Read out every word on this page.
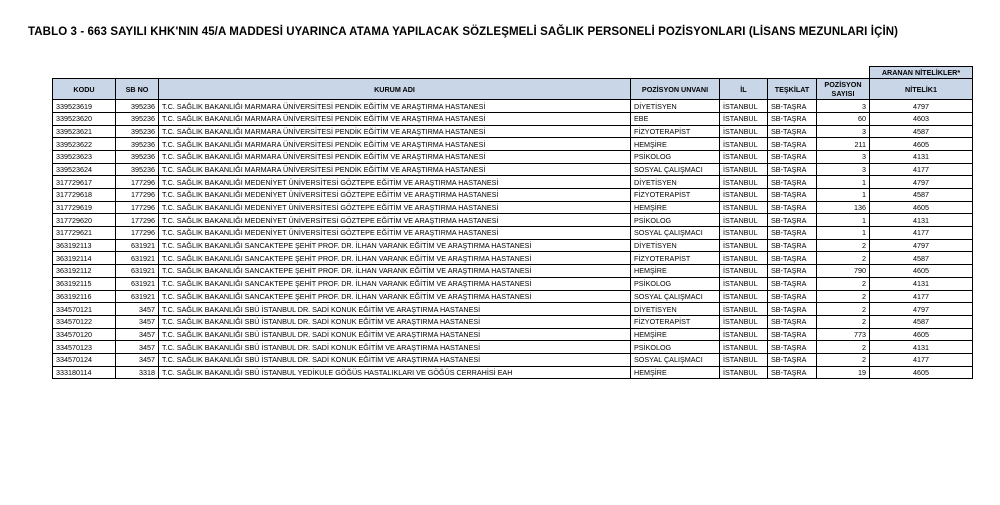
TABLO 3 - 663 SAYILI KHK'NIN 45/A MADDESİ UYARINCA ATAMA YAPILACAK SÖZLEŞMELİ SAĞLIK PERSONELİ POZİSYONLARI (LİSANS MEZUNLARI İÇİN)
							ARANAN NİTELİKLER*
KODU	SB NO	KURUM ADI	POZİSYON UNVANI	İL	TEŞKİLAT	POZİSYON
SAYISI	NİTELİK1
339523619	395236	T.C. SAĞLIK BAKANLIĞI MARMARA ÜNİVERSİTESİ PENDİK EĞİTİM VE ARAŞTIRMA HASTANESİ	DİYETİSYEN	İSTANBUL	SB-TAŞRA	3	4797
339523620	395236	T.C. SAĞLIK BAKANLIĞI MARMARA ÜNİVERSİTESİ PENDİK EĞİTİM VE ARAŞTIRMA HASTANESİ	EBE	İSTANBUL	SB-TAŞRA	60	4603
339523621	395236	T.C. SAĞLIK BAKANLIĞI MARMARA ÜNİVERSİTESİ PENDİK EĞİTİM VE ARAŞTIRMA HASTANESİ	FİZYOTERAPİST	İSTANBUL	SB-TAŞRA	3	4587
339523622	395236	T.C. SAĞLIK BAKANLIĞI MARMARA ÜNİVERSİTESİ PENDİK EĞİTİM VE ARAŞTIRMA HASTANESİ	HEMŞİRE	İSTANBUL	SB-TAŞRA	211	4605
339523623	395236	T.C. SAĞLIK BAKANLIĞI MARMARA ÜNİVERSİTESİ PENDİK EĞİTİM VE ARAŞTIRMA HASTANESİ	PSİKOLOG	İSTANBUL	SB-TAŞRA	3	4131
339523624	395236	T.C. SAĞLIK BAKANLIĞI MARMARA ÜNİVERSİTESİ PENDİK EĞİTİM VE ARAŞTIRMA HASTANESİ	SOSYAL ÇALIŞMACI	İSTANBUL	SB-TAŞRA	3	4177
317729617	177296	T.C. SAĞLIK BAKANLIĞI MEDENİYET ÜNİVERSİTESİ GÖZTEPE EĞİTİM VE ARAŞTIRMA HASTANESİ	DİYETİSYEN	İSTANBUL	SB-TAŞRA	1	4797
317729618	177296	T.C. SAĞLIK BAKANLIĞI MEDENİYET ÜNİVERSİTESİ GÖZTEPE EĞİTİM VE ARAŞTIRMA HASTANESİ	FİZYOTERAPİST	İSTANBUL	SB-TAŞRA	1	4587
317729619	177296	T.C. SAĞLIK BAKANLIĞI MEDENİYET ÜNİVERSİTESİ GÖZTEPE EĞİTİM VE ARAŞTIRMA HASTANESİ	HEMŞİRE	İSTANBUL	SB-TAŞRA	136	4605
317729620	177296	T.C. SAĞLIK BAKANLIĞI MEDENİYET ÜNİVERSİTESİ GÖZTEPE EĞİTİM VE ARAŞTIRMA HASTANESİ	PSİKOLOG	İSTANBUL	SB-TAŞRA	1	4131
317729621	177296	T.C. SAĞLIK BAKANLIĞI MEDENİYET ÜNİVERSİTESİ GÖZTEPE EĞİTİM VE ARAŞTIRMA HASTANESİ	SOSYAL ÇALIŞMACI	İSTANBUL	SB-TAŞRA	1	4177
363192113	631921	T.C. SAĞLIK BAKANLIĞI SANCAKTEPE ŞEHİT PROF. DR. İLHAN VARANK EĞİTİM VE ARAŞTIRMA HASTANESİ	DİYETİSYEN	İSTANBUL	SB-TAŞRA	2	4797
363192114	631921	T.C. SAĞLIK BAKANLIĞI SANCAKTEPE ŞEHİT PROF. DR. İLHAN VARANK EĞİTİM VE ARAŞTIRMA HASTANESİ	FİZYOTERAPİST	İSTANBUL	SB-TAŞRA	2	4587
363192112	631921	T.C. SAĞLIK BAKANLIĞI SANCAKTEPE ŞEHİT PROF. DR. İLHAN VARANK EĞİTİM VE ARAŞTIRMA HASTANESİ	HEMŞİRE	İSTANBUL	SB-TAŞRA	790	4605
363192115	631921	T.C. SAĞLIK BAKANLIĞI SANCAKTEPE ŞEHİT PROF. DR. İLHAN VARANK EĞİTİM VE ARAŞTIRMA HASTANESİ	PSİKOLOG	İSTANBUL	SB-TAŞRA	2	4131
363192116	631921	T.C. SAĞLIK BAKANLIĞI SANCAKTEPE ŞEHİT PROF. DR. İLHAN VARANK EĞİTİM VE ARAŞTIRMA HASTANESİ	SOSYAL ÇALIŞMACI	İSTANBUL	SB-TAŞRA	2	4177
334570121	3457	T.C. SAĞLIK BAKANLIĞI SBÜ İSTANBUL DR. SADİ KONUK EĞİTİM VE ARAŞTIRMA HASTANESİ	DİYETİSYEN	İSTANBUL	SB-TAŞRA	2	4797
334570122	3457	T.C. SAĞLIK BAKANLIĞI SBÜ İSTANBUL DR. SADİ KONUK EĞİTİM VE ARAŞTIRMA HASTANESİ	FİZYOTERAPİST	İSTANBUL	SB-TAŞRA	2	4587
334570120	3457	T.C. SAĞLIK BAKANLIĞI SBÜ İSTANBUL DR. SADİ KONUK EĞİTİM VE ARAŞTIRMA HASTANESİ	HEMŞİRE	İSTANBUL	SB-TAŞRA	773	4605
334570123	3457	T.C. SAĞLIK BAKANLIĞI SBÜ İSTANBUL DR. SADİ KONUK EĞİTİM VE ARAŞTIRMA HASTANESİ	PSİKOLOG	İSTANBUL	SB-TAŞRA	2	4131
334570124	3457	T.C. SAĞLIK BAKANLIĞI SBÜ İSTANBUL DR. SADİ KONUK EĞİTİM VE ARAŞTIRMA HASTANESİ	SOSYAL ÇALIŞMACI	İSTANBUL	SB-TAŞRA	2	4177
333180114	3318	T.C. SAĞLIK BAKANLIĞI SBÜ İSTANBUL YEDİKULE GÖĞÜS HASTALIKLARI VE GÖĞÜS CERRAHİSİ EAH	HEMŞİRE	İSTANBUL	SB-TAŞRA	19	4605
